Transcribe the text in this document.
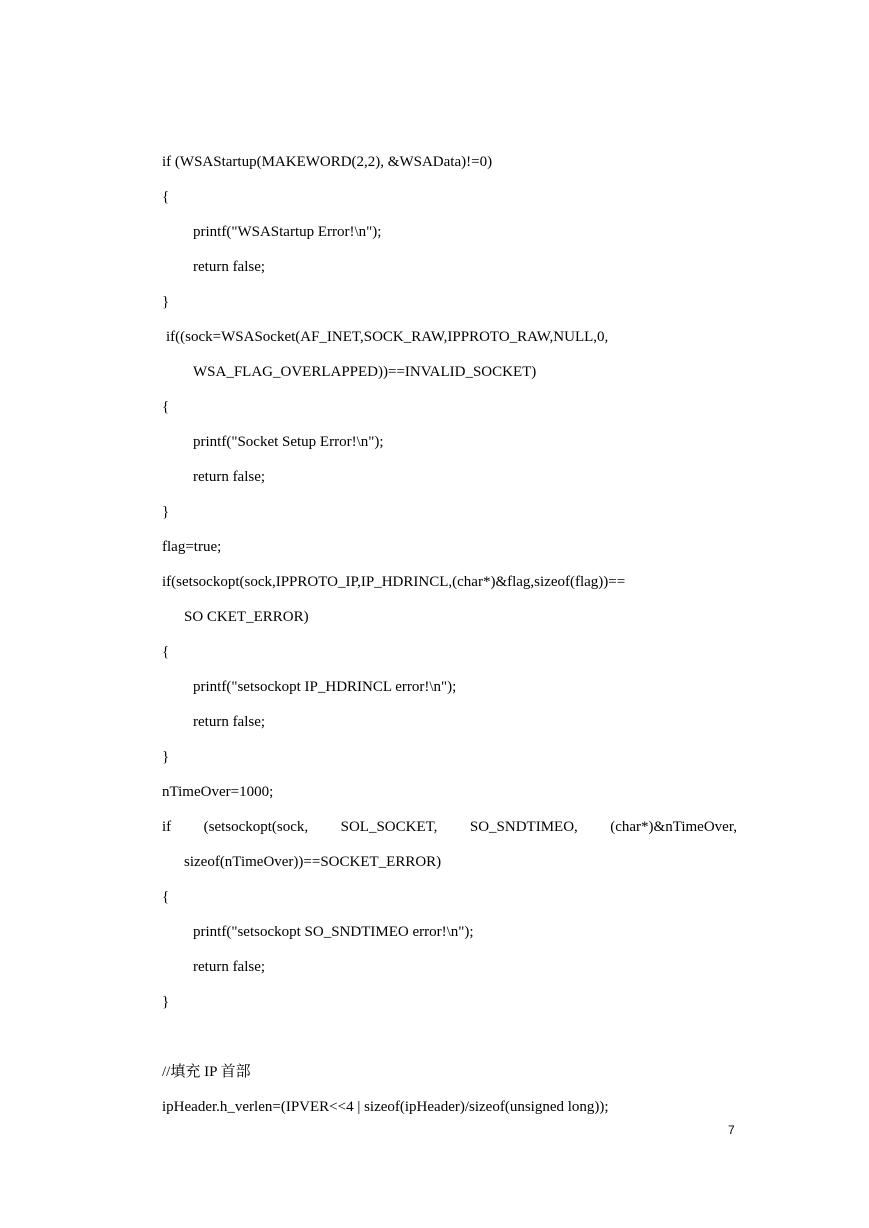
if (WSAStartup(MAKEWORD(2,2), &WSAData)!=0)
{
printf("WSAStartup Error!\n");
return false;
}
if((sock=WSASocket(AF_INET,SOCK_RAW,IPPROTO_RAW,NULL,0,
WSA_FLAG_OVERLAPPED))==INVALID_SOCKET)
{
printf("Socket Setup Error!\n");
return false;
}
flag=true;
if(setsockopt(sock,IPPROTO_IP,IP_HDRINCL,(char*)&flag,sizeof(flag))==
SO CKET_ERROR)
{
printf("setsockopt IP_HDRINCL error!\n");
return false;
}
nTimeOver=1000;
if (setsockopt(sock, SOL_SOCKET, SO_SNDTIMEO, (char*)&nTimeOver,
sizeof(nTimeOver))==SOCKET_ERROR)
{
printf("setsockopt SO_SNDTIMEO error!\n");
return false;
}
//填充 IP 首部
ipHeader.h_verlen=(IPVER<<4 | sizeof(ipHeader)/sizeof(unsigned long));
7
